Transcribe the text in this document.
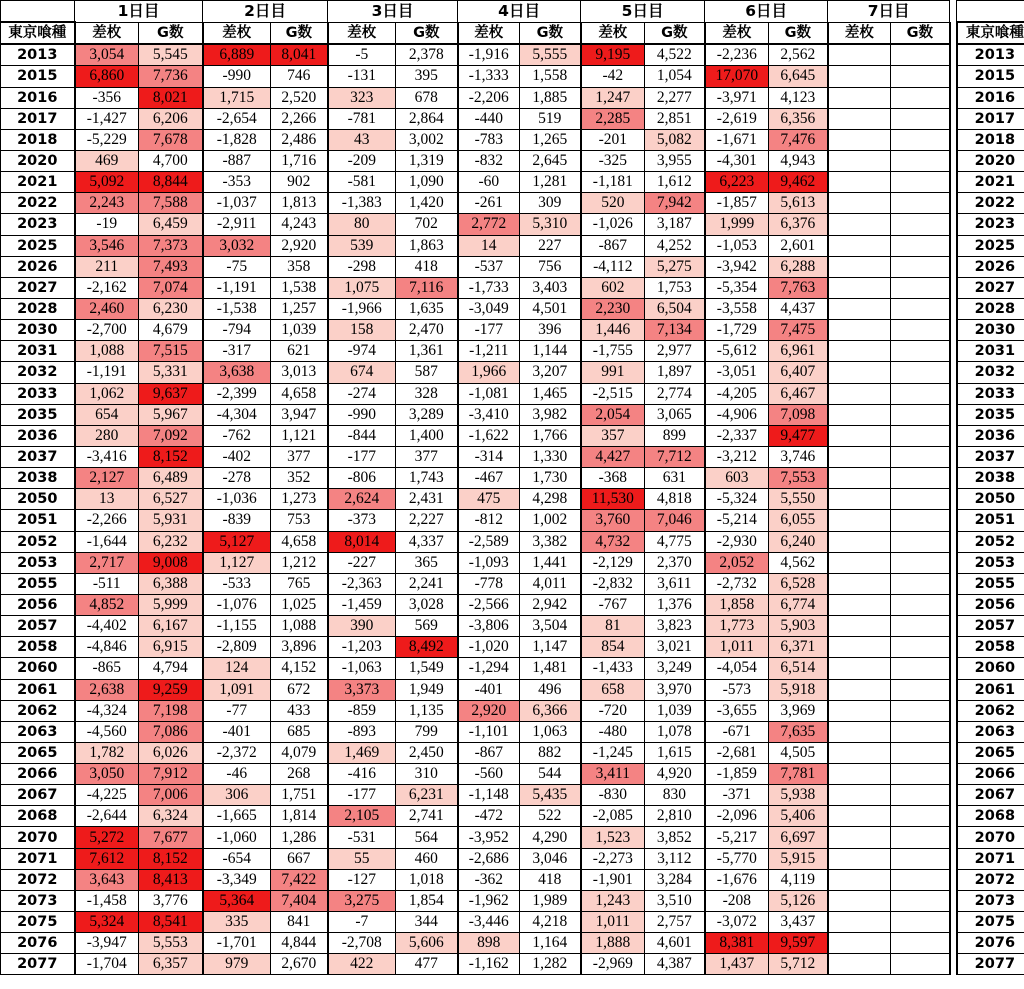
	1日目		2日目		3日目		4日目		5日目		6日目		7日目			
東京喰種	差枚	G数	差枚	G数	差枚	G数	差枚	G数	差枚	G数	差枚	G数	差枚	G数		東京喰種
2013	3,054	5,545	6,889	8,041	-5	2,378	-1,916	5,555	9,195	4,522	-2,236	2,562				2013
2015	6,860	7,736	-990	746	-131	395	-1,333	1,558	-42	1,054	17,070	6,645				2015
2016	-356	8,021	1,715	2,520	323	678	-2,206	1,885	1,247	2,277	-3,971	4,123				2016
2017	-1,427	6,206	-2,654	2,266	-781	2,864	-440	519	2,285	2,851	-2,619	6,356				2017
2018	-5,229	7,678	-1,828	2,486	43	3,002	-783	1,265	-201	5,082	-1,671	7,476				2018
2020	469	4,700	-887	1,716	-209	1,319	-832	2,645	-325	3,955	-4,301	4,943				2020
2021	5,092	8,844	-353	902	-581	1,090	-60	1,281	-1,181	1,612	6,223	9,462				2021
2022	2,243	7,588	-1,037	1,813	-1,383	1,420	-261	309	520	7,942	-1,857	5,613				2022
2023	-19	6,459	-2,911	4,243	80	702	2,772	5,310	-1,026	3,187	1,999	6,376				2023
2025	3,546	7,373	3,032	2,920	539	1,863	14	227	-867	4,252	-1,053	2,601				2025
2026	211	7,493	-75	358	-298	418	-537	756	-4,112	5,275	-3,942	6,288				2026
2027	-2,162	7,074	-1,191	1,538	1,075	7,116	-1,733	3,403	602	1,753	-5,354	7,763				2027
2028	2,460	6,230	-1,538	1,257	-1,966	1,635	-3,049	4,501	2,230	6,504	-3,558	4,437				2028
2030	-2,700	4,679	-794	1,039	158	2,470	-177	396	1,446	7,134	-1,729	7,475				2030
2031	1,088	7,515	-317	621	-974	1,361	-1,211	1,144	-1,755	2,977	-5,612	6,961				2031
2032	-1,191	5,331	3,638	3,013	674	587	1,966	3,207	991	1,897	-3,051	6,407				2032
2033	1,062	9,637	-2,399	4,658	-274	328	-1,081	1,465	-2,515	2,774	-4,205	6,467				2033
2035	654	5,967	-4,304	3,947	-990	3,289	-3,410	3,982	2,054	3,065	-4,906	7,098				2035
2036	280	7,092	-762	1,121	-844	1,400	-1,622	1,766	357	899	-2,337	9,477				2036
2037	-3,416	8,152	-402	377	-177	377	-314	1,330	4,427	7,712	-3,212	3,746				2037
2038	2,127	6,489	-278	352	-806	1,743	-467	1,730	-368	631	603	7,553				2038
2050	13	6,527	-1,036	1,273	2,624	2,431	475	4,298	11,530	4,818	-5,324	5,550				2050
2051	-2,266	5,931	-839	753	-373	2,227	-812	1,002	3,760	7,046	-5,214	6,055				2051
2052	-1,644	6,232	5,127	4,658	8,014	4,337	-2,589	3,382	4,732	4,775	-2,930	6,240				2052
2053	2,717	9,008	1,127	1,212	-227	365	-1,093	1,441	-2,129	2,370	2,052	4,562				2053
2055	-511	6,388	-533	765	-2,363	2,241	-778	4,011	-2,832	3,611	-2,732	6,528				2055
2056	4,852	5,999	-1,076	1,025	-1,459	3,028	-2,566	2,942	-767	1,376	1,858	6,774				2056
2057	-4,402	6,167	-1,155	1,088	390	569	-3,806	3,504	81	3,823	1,773	5,903				2057
2058	-4,846	6,915	-2,809	3,896	-1,203	8,492	-1,020	1,147	854	3,021	1,011	6,371				2058
2060	-865	4,794	124	4,152	-1,063	1,549	-1,294	1,481	-1,433	3,249	-4,054	6,514				2060
2061	2,638	9,259	1,091	672	3,373	1,949	-401	496	658	3,970	-573	5,918				2061
2062	-4,324	7,198	-77	433	-859	1,135	2,920	6,366	-720	1,039	-3,655	3,969				2062
2063	-4,560	7,086	-401	685	-893	799	-1,101	1,063	-480	1,078	-671	7,635				2063
2065	1,782	6,026	-2,372	4,079	1,469	2,450	-867	882	-1,245	1,615	-2,681	4,505				2065
2066	3,050	7,912	-46	268	-416	310	-560	544	3,411	4,920	-1,859	7,781				2066
2067	-4,225	7,006	306	1,751	-177	6,231	-1,148	5,435	-830	830	-371	5,938				2067
2068	-2,644	6,324	-1,665	1,814	2,105	2,741	-472	522	-2,085	2,810	-2,096	5,406				2068
2070	5,272	7,677	-1,060	1,286	-531	564	-3,952	4,290	1,523	3,852	-5,217	6,697				2070
2071	7,612	8,152	-654	667	55	460	-2,686	3,046	-2,273	3,112	-5,770	5,915				2071
2072	3,643	8,413	-3,349	7,422	-127	1,018	-362	418	-1,901	3,284	-1,676	4,119				2072
2073	-1,458	3,776	5,364	7,404	3,275	1,854	-1,962	1,989	1,243	3,510	-208	5,126				2073
2075	5,324	8,541	335	841	-7	344	-3,446	4,218	1,011	2,757	-3,072	3,437				2075
2076	-3,947	5,553	-1,701	4,844	-2,708	5,606	898	1,164	1,888	4,601	8,381	9,597				2076
2077	-1,704	6,357	979	2,670	422	477	-1,162	1,282	-2,969	4,387	1,437	5,712				2077
